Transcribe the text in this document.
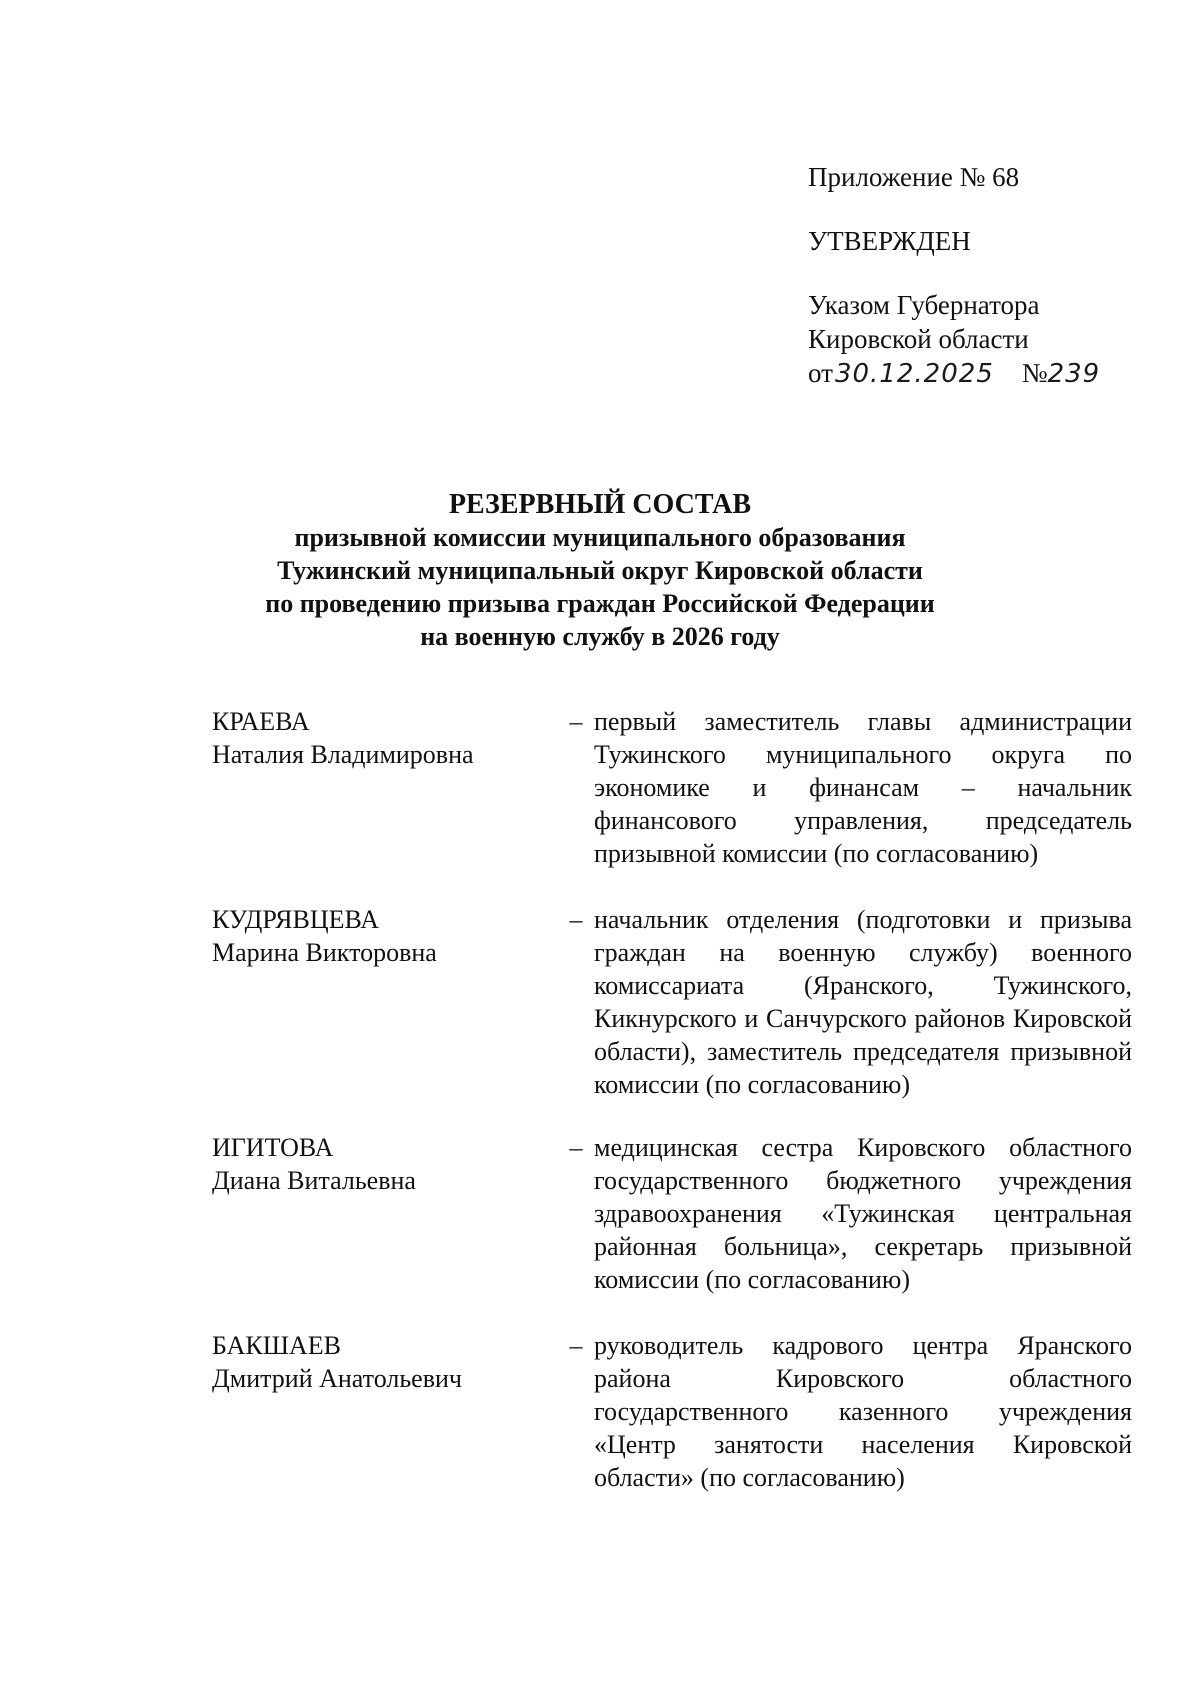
Приложение № 68
УТВЕРЖДЕН
Указом Губернатора
Кировской области
от30.12.2025 №239
РЕЗЕРВНЫЙ СОСТАВ
призывной комиссии муниципального образования
Тужинский муниципальный округ Кировской области
по проведению призыва граждан Российской Федерации
на военную службу в 2026 году
КРАЕВА
Наталия Владимировна
– первый заместитель главы администрации Тужинского муниципального округа по экономике и финансам – начальник финансового управления, председатель призывной комиссии (по согласованию)
КУДРЯВЦЕВА
Марина Викторовна
– начальник отделения (подготовки и призыва граждан на военную службу) военного комиссариата (Яранского, Тужинского, Кикнурского и Санчурского районов Кировской области), заместитель председателя призывной комиссии (по согласованию)
ИГИТОВА
Диана Витальевна
– медицинская сестра Кировского областного государственного бюджетного учреждения здравоохранения «Тужинская центральная районная больница», секретарь призывной комиссии (по согласованию)
БАКШАЕВ
Дмитрий Анатольевич
– руководитель кадрового центра Яранского района Кировского областного государственного казенного учреждения «Центр занятости населения Кировской области» (по согласованию)
